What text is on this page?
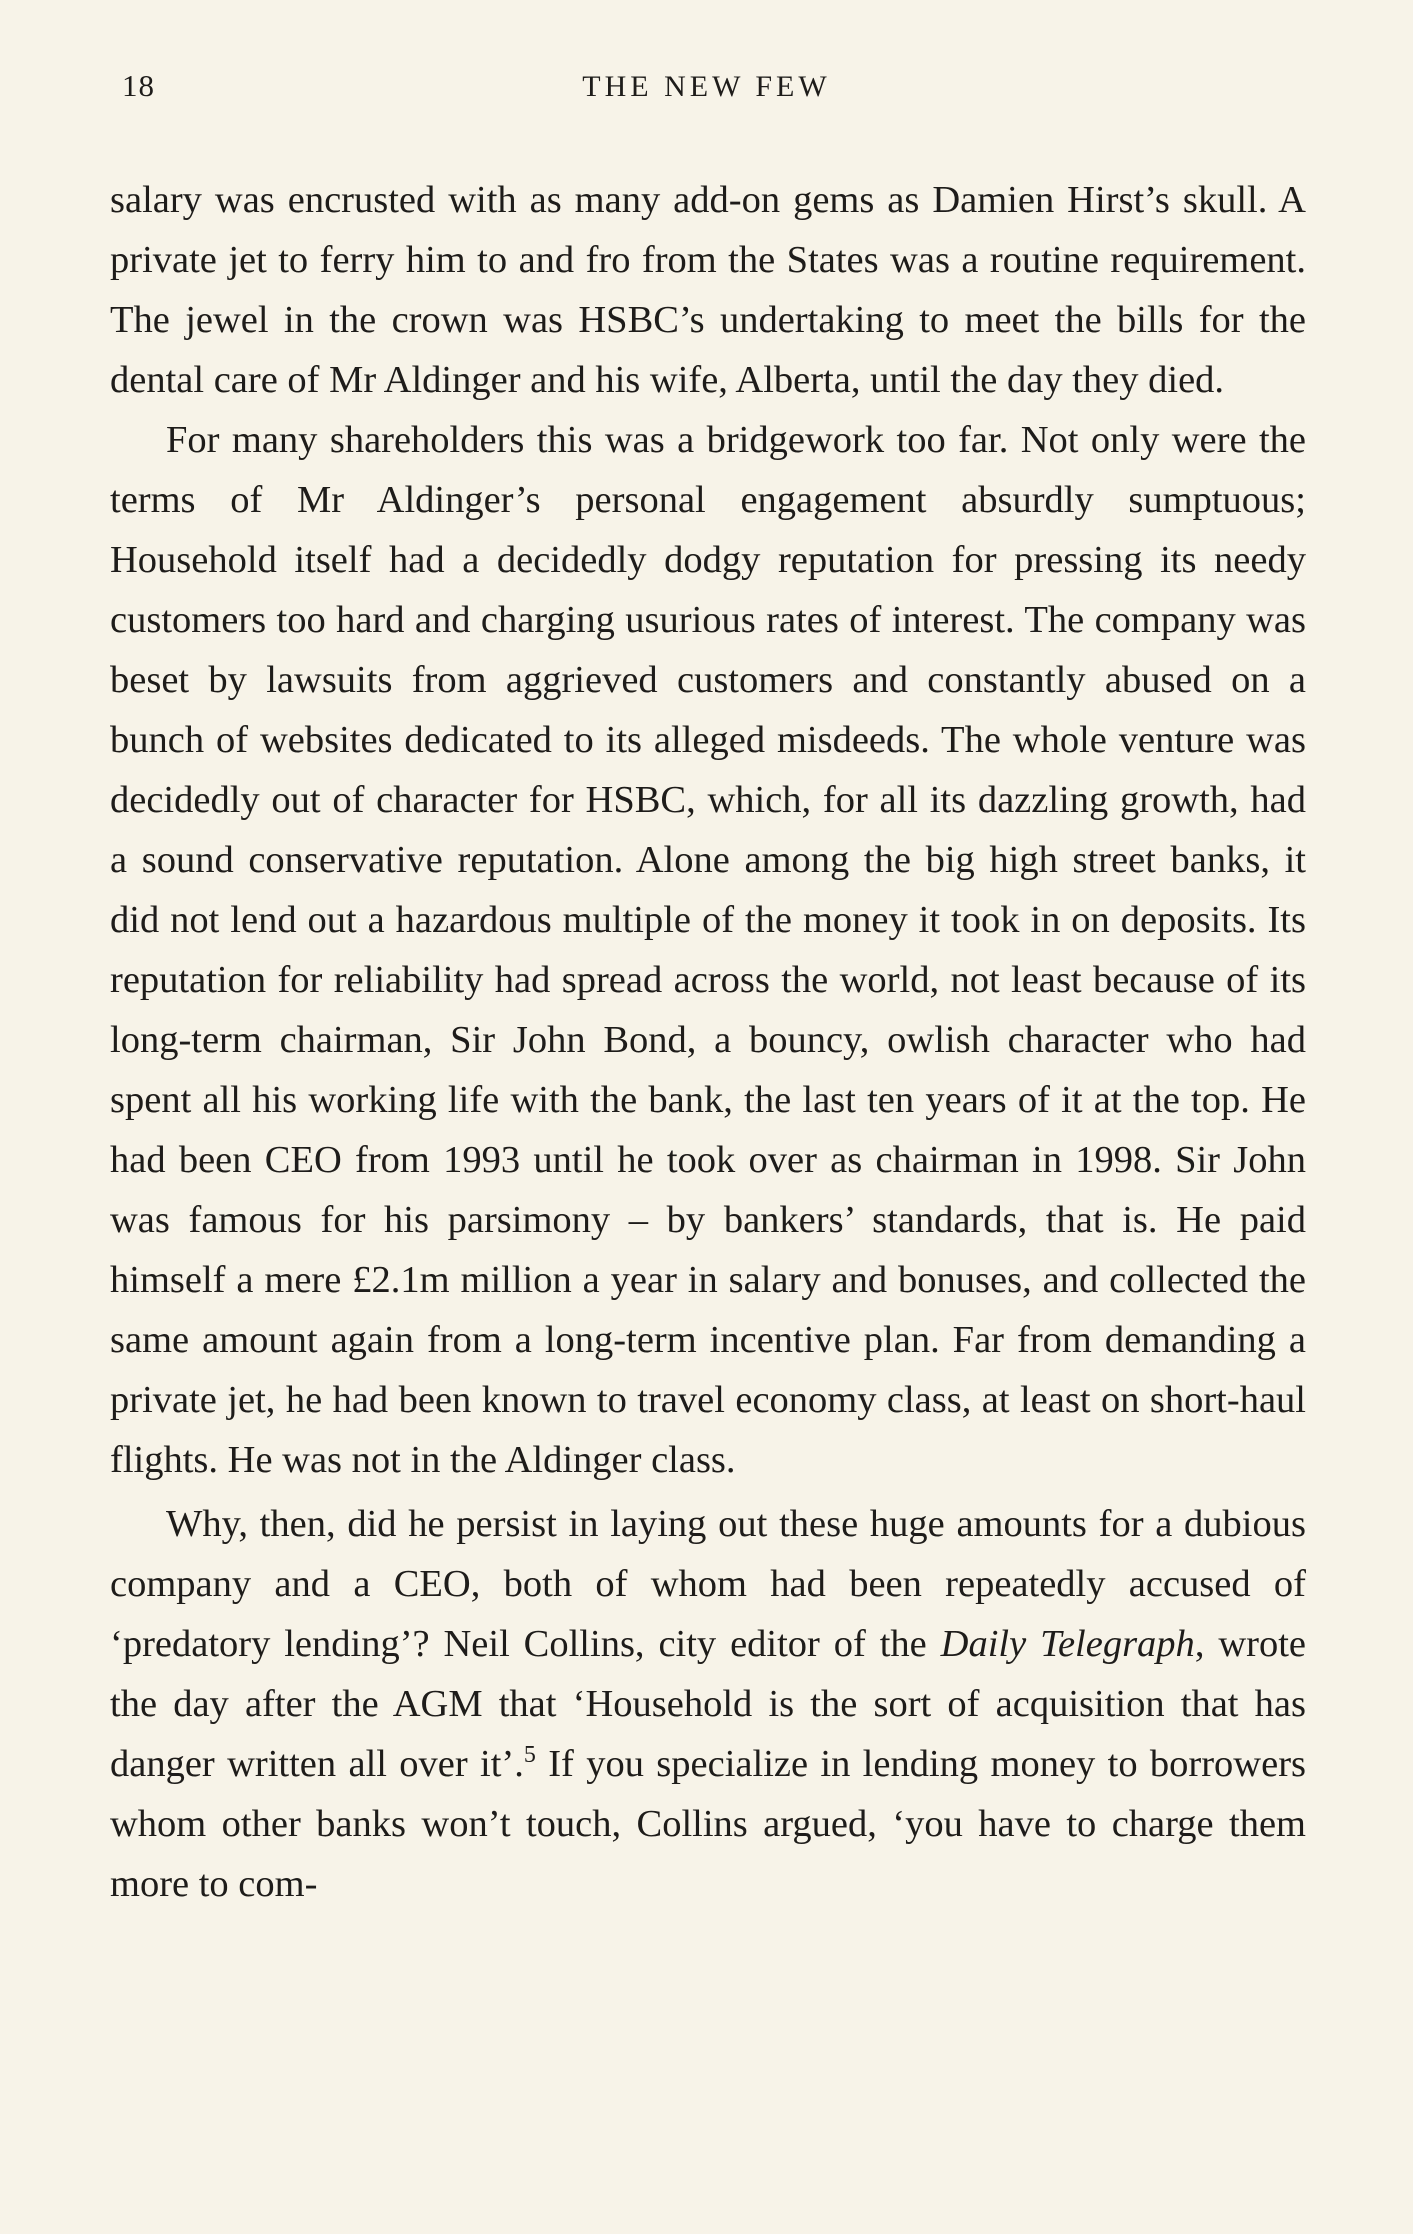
18	THE NEW FEW

salary was encrusted with as many add-on gems as Damien Hirst’s skull. A private jet to ferry him to and fro from the States was a routine requirement. The jewel in the crown was HSBC’s undertaking to meet the bills for the dental care of Mr Aldinger and his wife, Alberta, until the day they died.

For many shareholders this was a bridgework too far. Not only were the terms of Mr Aldinger’s personal engagement absurdly sumptuous; Household itself had a decidedly dodgy reputation for pressing its needy customers too hard and charging usurious rates of interest. The company was beset by lawsuits from aggrieved customers and constantly abused on a bunch of websites dedicated to its alleged misdeeds. The whole venture was decidedly out of character for HSBC, which, for all its dazzling growth, had a sound conservative reputation. Alone among the big high street banks, it did not lend out a hazardous multiple of the money it took in on deposits. Its reputation for reliability had spread across the world, not least because of its long-term chairman, Sir John Bond, a bouncy, owlish character who had spent all his working life with the bank, the last ten years of it at the top. He had been CEO from 1993 until he took over as chairman in 1998. Sir John was famous for his parsimony – by bankers’ standards, that is. He paid himself a mere £2.1m million a year in salary and bonuses, and collected the same amount again from a long-term incentive plan. Far from demanding a private jet, he had been known to travel economy class, at least on short-haul flights. He was not in the Aldinger class.

Why, then, did he persist in laying out these huge amounts for a dubious company and a CEO, both of whom had been repeatedly accused of ‘predatory lending’? Neil Collins, city editor of the Daily Telegraph, wrote the day after the AGM that ‘Household is the sort of acquisition that has danger written all over it’.$^5$ If you specialize in lending money to borrowers whom other banks won’t touch, Collins argued, ‘you have to charge them more to com-
